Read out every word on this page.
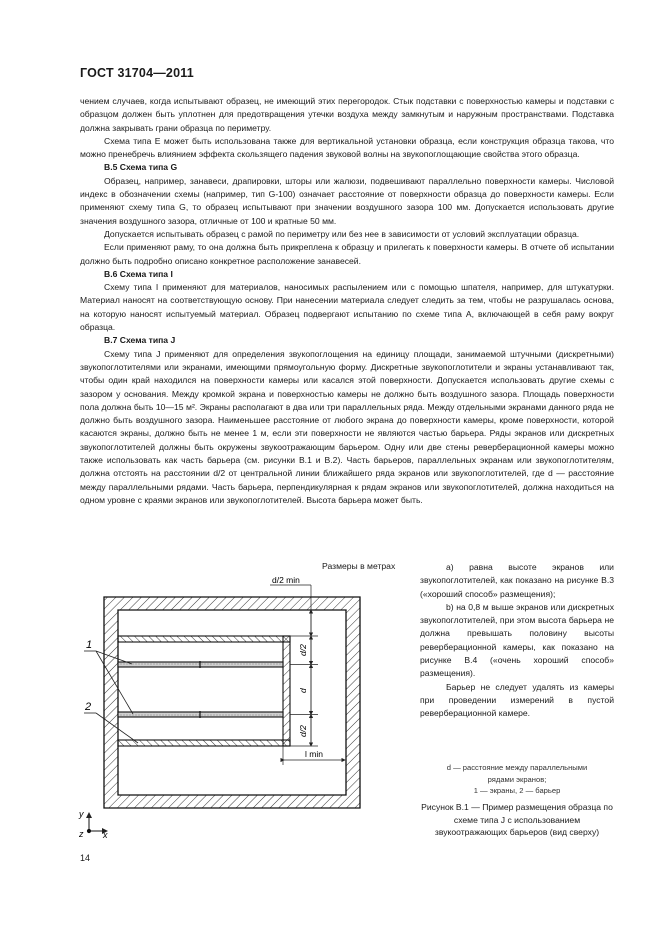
ГОСТ 31704—2011

чением случаев, когда испытывают образец, не имеющий этих перегородок. Стык подставки с поверхностью камеры и подставки с образцом должен быть уплотнен для предотвращения утечки воздуха между замкнутым и наружным пространствами. Подставка должна закрывать грани образца по периметру.

Схема типа E может быть использована также для вертикальной установки образца, если конструкция образца такова, что можно пренебречь влиянием эффекта скользящего падения звуковой волны на звукопоглощающие свойства этого образца.

B.5 Схема типа G

Образец, например, занавеси, драпировки, шторы или жалюзи, подвешивают параллельно поверхности камеры. Числовой индекс в обозначении схемы (например, тип G-100) означает расстояние от поверхности образца до поверхности камеры. Если применяют схему типа G, то образец испытывают при значении воздушного зазора 100 мм. Допускается использовать другие значения воздушного зазора, отличные от 100 и кратные 50 мм.

Допускается испытывать образец с рамой по периметру или без нее в зависимости от условий эксплуатации образца.

Если применяют раму, то она должна быть прикреплена к образцу и прилегать к поверхности камеры. В отчете об испытании должно быть подробно описано конкретное расположение занавесей.

B.6 Схема типа I

Схему типа I применяют для материалов, наносимых распылением или с помощью шпателя, например, для штукатурки. Материал наносят на соответствующую основу. При нанесении материала следует следить за тем, чтобы не разрушалась основа, на которую наносят испытуемый материал. Образец подвергают испытанию по схеме типа A, включающей в себя раму вокруг образца.

B.7 Схема типа J

Схему типа J применяют для определения звукопоглощения на единицу площади, занимаемой штучными (дискретными) звукопоглотителями или экранами, имеющими прямоугольную форму. Дискретные звукопоглотители и экраны устанавливают так, чтобы один край находился на поверхности камеры или касался этой поверхности. Допускается использовать другие схемы с зазором у основания. Между кромкой экрана и поверхностью камеры не должно быть воздушного зазора. Площадь поверхности пола должна быть 10—15 м². Экраны располагают в два или три параллельных ряда. Между отдельными экранами данного ряда не должно быть воздушного зазора. Наименьшее расстояние от любого экрана до поверхности камеры, кроме поверхности, которой касаются экраны, должно быть не менее 1 м, если эти поверхности не являются частью барьера. Ряды экранов или дискретных звукопоглотителей должны быть окружены звукоотражающим барьером. Одну или две стены реверберационной камеры можно также использовать как часть барьера (см. рисунки B.1 и B.2). Часть барьеров, параллельных экранам или звукопоглотителям, должна отстоять на расстоянии d/2 от центральной линии ближайшего ряда экранов или звукопоглотителей, где d — расстояние между параллельными рядами. Часть барьера, перпендикулярная к рядам экранов или звукопоглотителей, должна находиться на одном уровне с краями экранов или звукопоглотителей. Высота барьера может быть.

Размеры в метрах	a) равна высоте экранов или звукопоглотителей, как показано на рисунке B.3 («хороший способ» размещения);

b) на 0,8 м выше экранов или дискретных звукопоглотителей, при этом высота барьера не должна превышать половину высоты реверберационной камеры, как показано на рисунке B.4 («очень хороший способ» размещения).

Барьер не следует удалять из камеры при проведении измерений в пустой реверберационной камере.

d/2 min
d/2
d
d/2
l min
1
2
y
z x
d — расстояние между параллельными
рядами экранов;
1 — экраны, 2 — барьер
Рисунок B.1 — Пример размещения образца по схеме типа J с использованием звукоотражающих барьеров (вид сверху)
14
